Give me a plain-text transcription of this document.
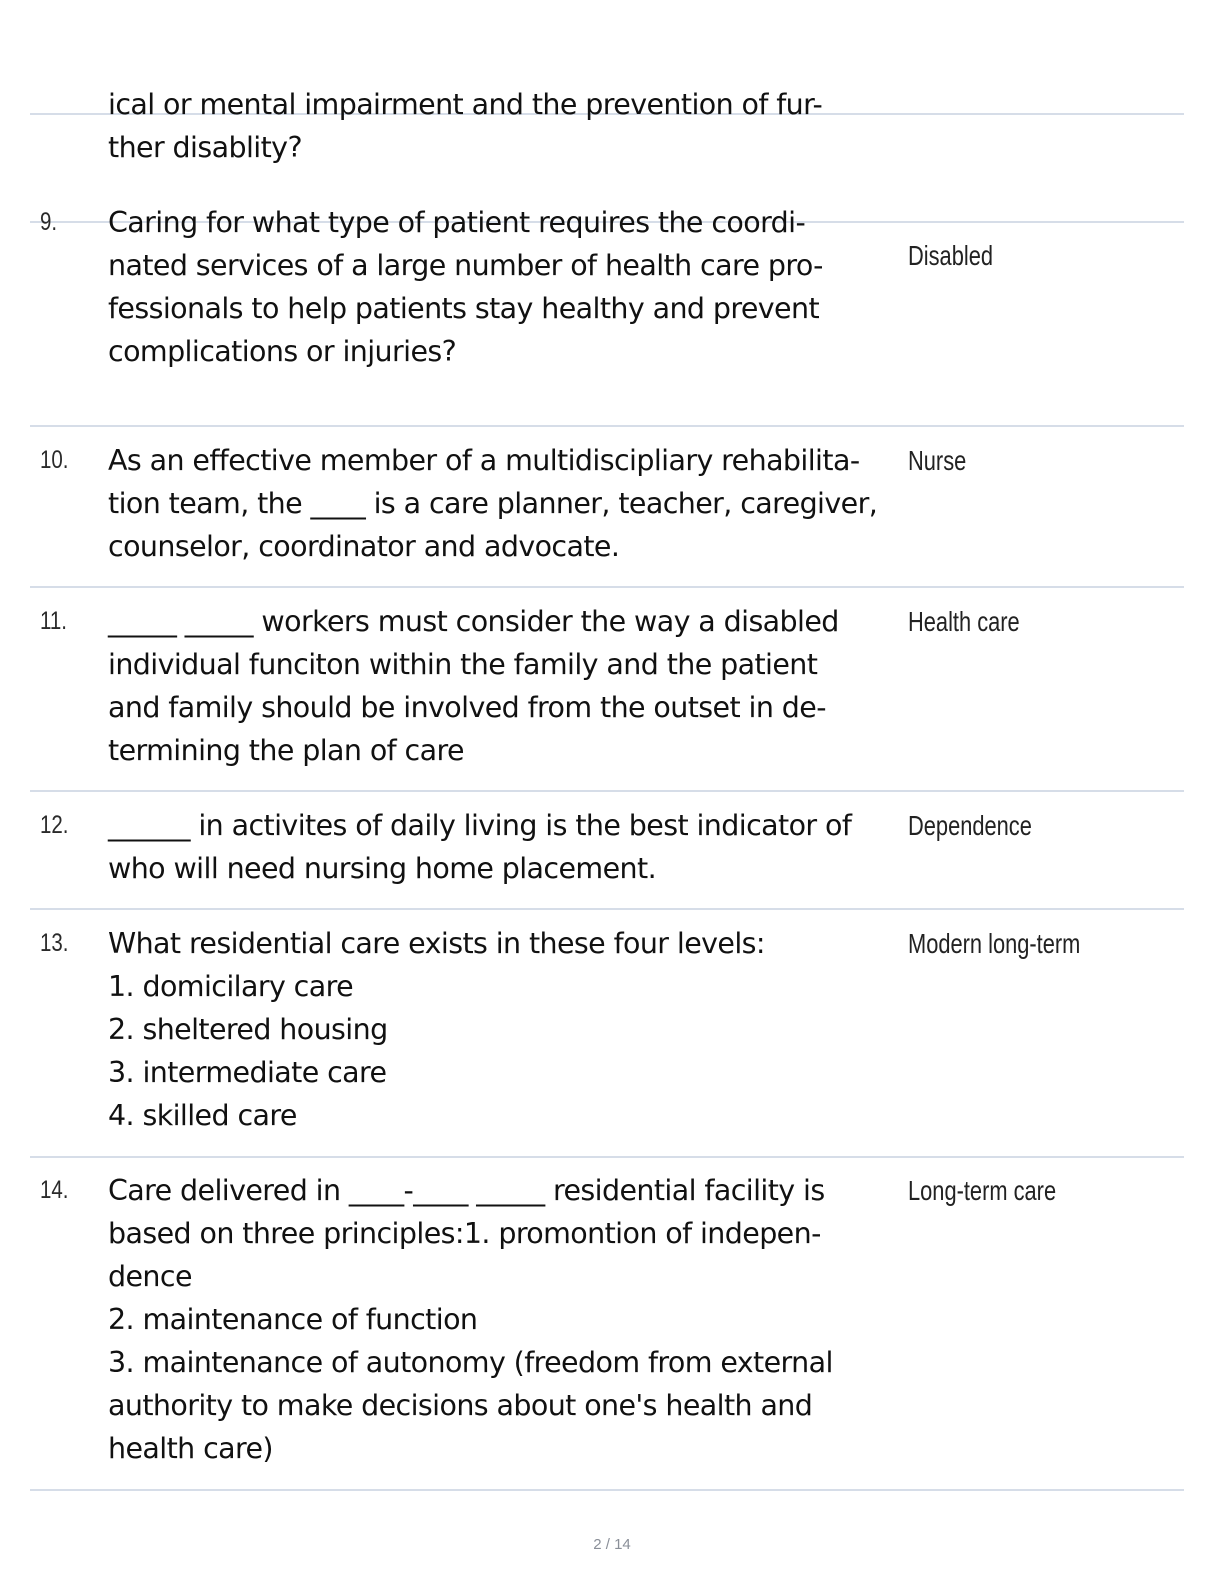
ical or mental impairment and the prevention of fur-
ther disablity?
9. Caring for what type of patient requires the coordi-
nated services of a large number of health care pro-
fessionals to help patients stay healthy and prevent
complications or injuries?
Disabled
10. As an effective member of a multidiscipliary rehabilita-
tion team, the ____ is a care planner, teacher, caregiver,
counselor, coordinator and advocate.
Nurse
11. _____ _____ workers must consider the way a disabled
individual funciton within the family and the patient
and family should be involved from the outset in de-
termining the plan of care
Health care
12. ______ in activites of daily living is the best indicator of
who will need nursing home placement.
Dependence
13. What residential care exists in these four levels:
1. domicilary care
2. sheltered housing
3. intermediate care
4. skilled care
Modern long-term
14. Care delivered in ____-____ _____ residential facility is
based on three principles:1. promontion of indepen-
dence
2. maintenance of function
3. maintenance of autonomy (freedom from external
authority to make decisions about one's health and
health care)
Long-term care
2 / 14
